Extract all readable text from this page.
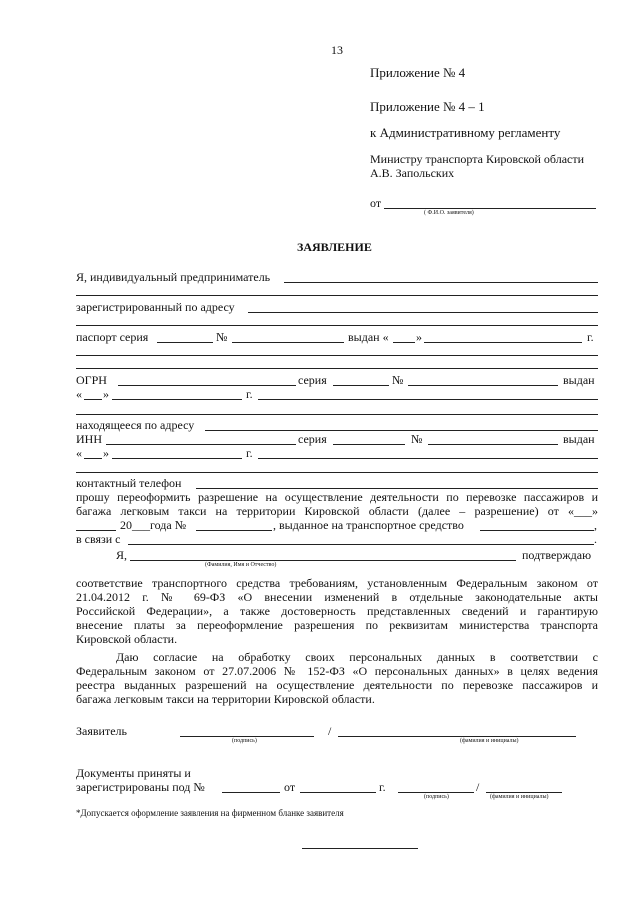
13
Приложение № 4
Приложение № 4 – 1
к Административному регламенту
Министру транспорта Кировской области
А.В. Запольских
от
( Ф.И.О. заявителя)
ЗАЯВЛЕНИЕ
Я, индивидуальный предприниматель
зарегистрированный по адресу
паспорт серия	№	выдан « »	г.
ОГРН	серия	№	выдан
« »	г.
находящееся по адресу
ИНН	серия	№	выдан
« »	г.
контактный телефон
прошу переоформить разрешение на осуществление деятельности по перевозке пассажиров и
багажа легковым такси на территории Кировской области (далее – разрешение) от «___»
20___года №	, выданное на транспортное средство	,
в связи с	.
Я,
(Фамилия, Имя и Отчество)
подтверждаю
соответствие транспортного средства требованиям, установленным Федеральным законом от
21.04.2012 г. № 69-ФЗ «О внесении изменений в отдельные законодательные акты
Российской Федерации», а также достоверность представленных сведений и гарантирую
внесение платы за переоформление разрешения по реквизитам министерства транспорта
Кировской области.
Даю согласие на обработку своих персональных данных в соответствии с
Федеральным законом от 27.07.2006 № 152-ФЗ «О персональных данных» в целях ведения
реестра выданных разрешений на осуществление деятельности по перевозке пассажиров и
багажа легковым такси на территории Кировской области.
Заявитель
(подпись)
/
(фамилия и инициалы)
Документы приняты и
зарегистрированы под №	от	г.
(подпись)
/
(фамилия и инициалы)
*Допускается оформление заявления на фирменном бланке заявителя
